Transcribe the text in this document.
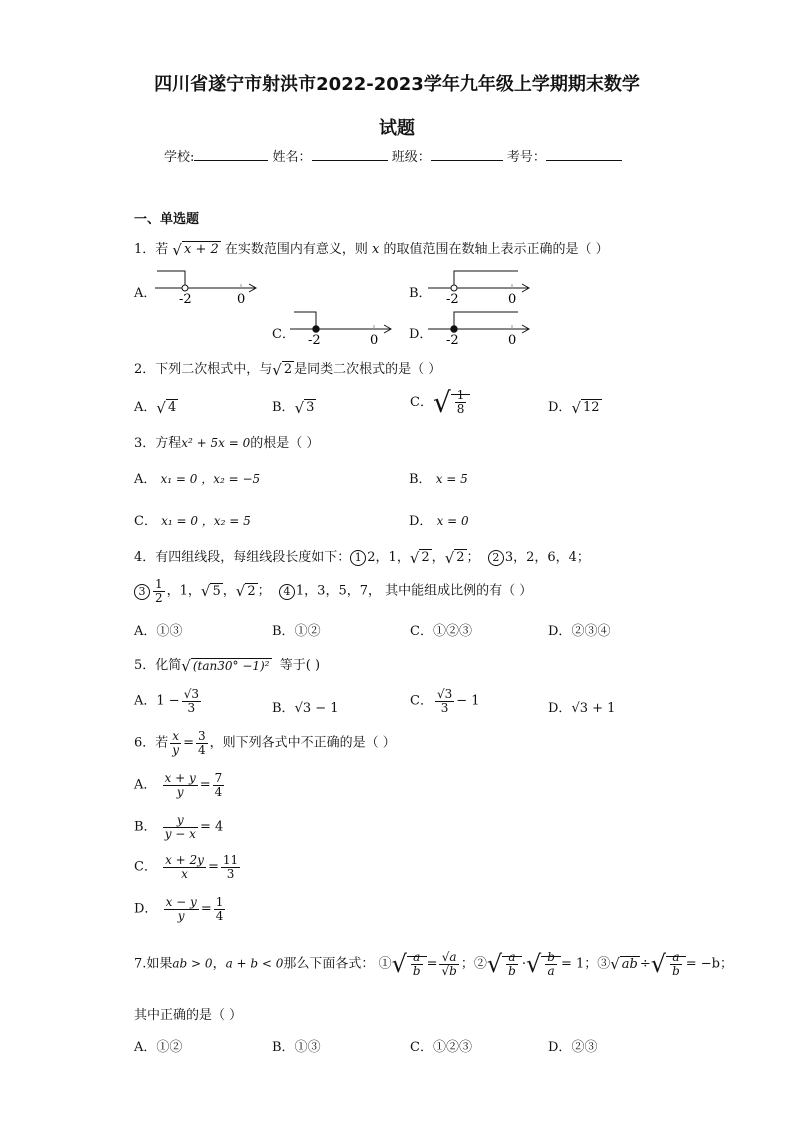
四川省遂宁市射洪市2022-2023学年九年级上学期期末数学
试题
学校:	姓名：	班级：	考号：
一、单选题
1．若 √ x + 2 在实数范围内有意义，则 x 的取值范围在数轴上表示正确的是（ ）
A． -2	0	B． -2	0
C． -2	0 D． -2	0
2．下列二次根式中，与√ 2 是同类二次根式的是（ ）
A．√ 4	B．√ 3	C．√ $\frac{1}{8}$	D．√ 12
3．方程x² + 5x = 0的根是（ ）
A． x₁ = 0 ，x₂ = −5	B． x = 5
C． x₁ = 0 ，x₂ = 5	D． x = 0
4．有四组线段，每组线段长度如下： 1 2，1，√ 2 ，√ 2 ； 2 3，2，6，4；
$3 \frac{1}{2}$ ，1，√ 5 ，√ 2 ； 4 1，3，5，7， 其中能组成比例的有（ ）
A．①③	B．①②	C．①②③	D．②③④
5．化简√ (tan30° −1)² 等于( )
A．$1 - \frac{√3}{3}$	B．√3 − 1	C． $\frac{√3}{3} - 1$	D．√3 + 1
6．若 $\frac{x}{y} = \frac{3}{4}$ ，则下列各式中不正确的是（ ）
A． $\frac{x + y}{y} = \frac{7}{4}$
B． $\frac{y}{y - x} = 4$
C． $\frac{x + 2y}{x} = \frac{11}{3}$
D． $\frac{x - y}{y} = \frac{1}{4}$
7.如果ab > 0，a + b < 0那么下面各式： ①√ $\frac{a}{b} = \frac{√a}{√b}$ ；②√ $\frac{a}{b}$ ·√ $\frac{b}{a} = 1$；③√ ab ÷√ $\frac{a}{b} = -b$；
其中正确的是（ ）
A．①②	B．①③	C．①②③	D．②③
